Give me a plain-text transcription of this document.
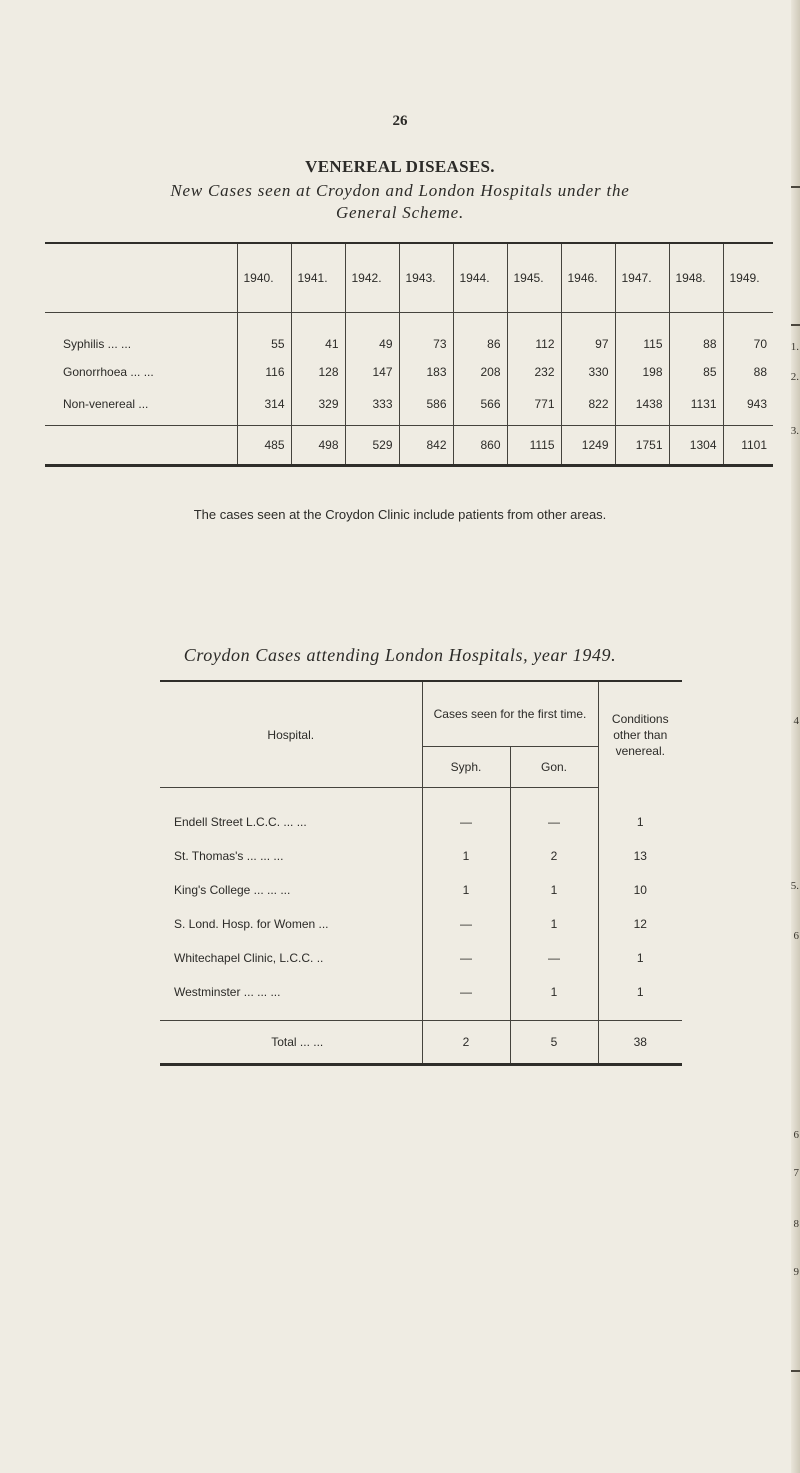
1.
2.
3.
4
5.
6
6
7
8
9
26
VENEREAL DISEASES.
New Cases seen at Croydon and London Hospitals under the General Scheme.
	1940.	1941.	1942.	1943.	1944.	1945.	1946.	1947.	1948.	1949.
Syphilis ... ...	55	41	49	73	86	112	97	115	88	70
Gonorrhoea ... ...	116	128	147	183	208	232	330	198	85	88
Non-venereal ...	314	329	333	586	566	771	822	1438	1131	943
	485	498	529	842	860	1115	1249	1751	1304	1101
The cases seen at the Croydon Clinic include patients from other areas.
Croydon Cases attending London Hospitals, year 1949.
Hospital.	Cases seen for the first time.		Conditions other than venereal.
	Syph.	Gon.	
Endell Street L.C.C. ... ...	—	—	1
St. Thomas's ... ... ...	1	2	13
King's College ... ... ...	1	1	10
S. Lond. Hosp. for Women ...	—	1	12
Whitechapel Clinic, L.C.C. ..	—	—	1
Westminster ... ... ...	—	1	1
Total ... ...	2	5	38
